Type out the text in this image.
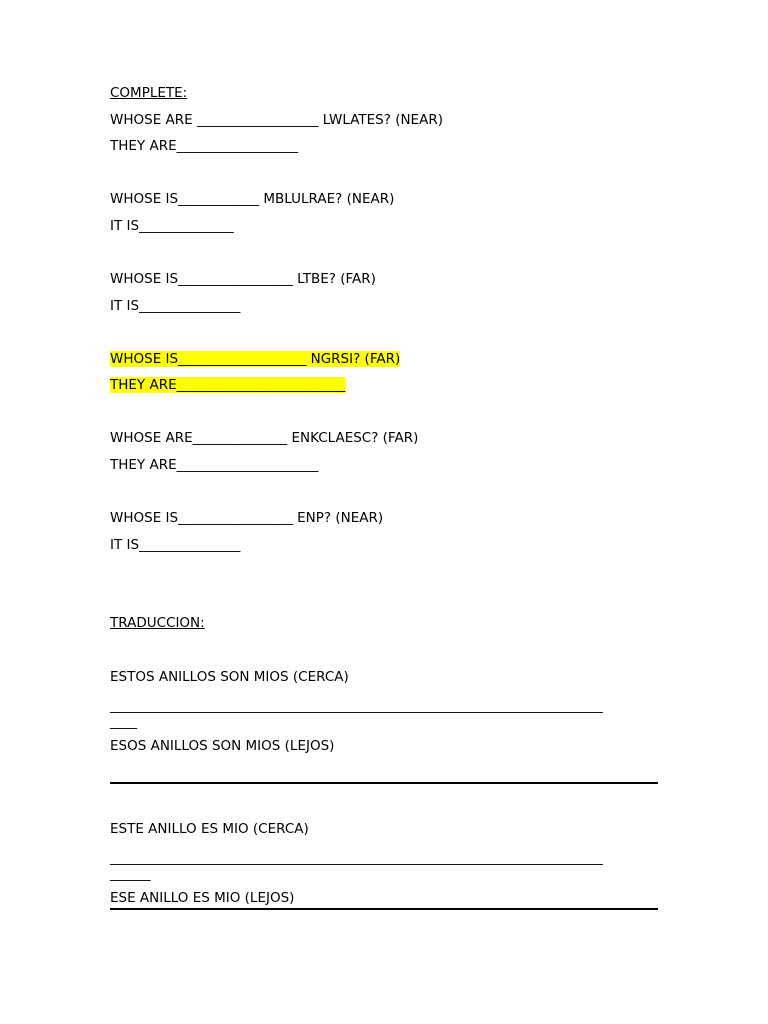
COMPLETE:

WHOSE ARE __________________ LWLATES? (NEAR)

THEY ARE__________________

WHOSE IS____________ MBLULRAE? (NEAR)

IT IS______________

WHOSE IS_________________ LTBE? (FAR)

IT IS_______________

WHOSE IS___________________ NGRSI? (FAR)

THEY ARE_________________________

WHOSE ARE______________ ENKCLAESC? (FAR)

THEY ARE_____________________

WHOSE IS_________________ ENP? (NEAR)

IT IS_______________

TRADUCCION:

ESTOS ANILLOS SON MIOS (CERCA)

_________________________________________________________________________

____

ESOS ANILLOS SON MIOS (LEJOS)

ESTE ANILLO ES MIO (CERCA)

_________________________________________________________________________

______

ESE ANILLO ES MIO (LEJOS)
